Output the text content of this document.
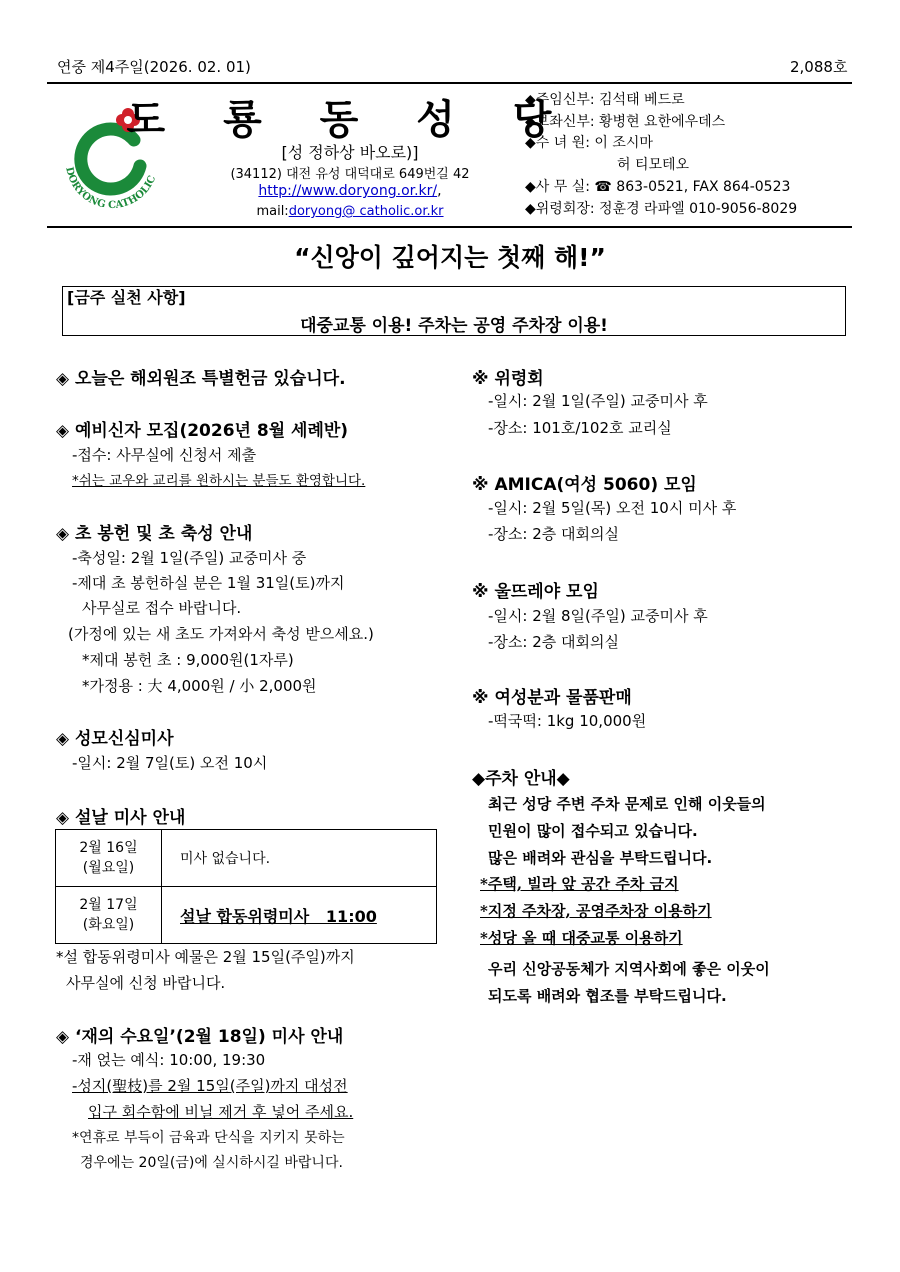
연중 제4주일(2026. 02. 01)	2,088호
DORYONG CATHOLIC
도 룡 동 성 당
[성 정하상 바오로)]
(34112) 대전 유성 대덕대로 649번길 42
http://www.doryong.or.kr/,
mail:doryong@ catholic.or.kr
◆주임신부: 김석태 베드로
◆보좌신부: 황병현 요한에우데스
◆수 녀 원: 이 조시마
허 티모테오
◆사 무 실: ☎ 863-0521, FAX 864-0523
◆위령회장: 정훈경 라파엘 010-9056-8029
“신앙이 깊어지는 첫째 해!”
[금주 실천 사항]
대중교통 이용! 주차는 공영 주차장 이용!
◈ 오늘은 해외원조 특별헌금 있습니다.
◈ 예비신자 모집(2026년 8월 세례반)
-접수: 사무실에 신청서 제출
*쉬는 교우와 교리를 원하시는 분들도 환영합니다.
◈ 초 봉헌 및 초 축성 안내
-축성일: 2월 1일(주일) 교중미사 중
-제대 초 봉헌하실 분은 1월 31일(토)까지
사무실로 접수 바랍니다.
(가정에 있는 새 초도 가져와서 축성 받으세요.)
*제대 봉헌 초 : 9,000원(1자루)
*가정용 : 大 4,000원 / 小 2,000원
◈ 성모신심미사
-일시: 2월 7일(토) 오전 10시
◈ 설날 미사 안내
2월 16일
(월요일)	미사 없습니다.
2월 17일
(화요일)	설날 합동위령미사   11:00
*설 합동위령미사 예물은 2월 15일(주일)까지
사무실에 신청 바랍니다.
◈ ‘재의 수요일’(2월 18일) 미사 안내
-재 얹는 예식: 10:00, 19:30
-성지(聖枝)를 2월 15일(주일)까지 대성전
입구 회수함에 비닐 제거 후 넣어 주세요.
*연휴로 부득이 금육과 단식을 지키지 못하는
경우에는 20일(금)에 실시하시길 바랍니다.
※ 위령회
-일시: 2월 1일(주일) 교중미사 후
-장소: 101호/102호 교리실
※ AMICA(여성 5060) 모임
-일시: 2월 5일(목) 오전 10시 미사 후
-장소: 2층 대회의실
※ 울뜨레야 모임
-일시: 2월 8일(주일) 교중미사 후
-장소: 2층 대회의실
※ 여성분과 물품판매
-떡국떡: 1kg 10,000원
◆주차 안내◆
최근 성당 주변 주차 문제로 인해 이웃들의
민원이 많이 접수되고 있습니다.
많은 배려와 관심을 부탁드립니다.
*주택, 빌라 앞 공간 주차 금지
*지정 주차장, 공영주차장 이용하기
*성당 올 때 대중교통 이용하기
우리 신앙공동체가 지역사회에 좋은 이웃이
되도록 배려와 협조를 부탁드립니다.
